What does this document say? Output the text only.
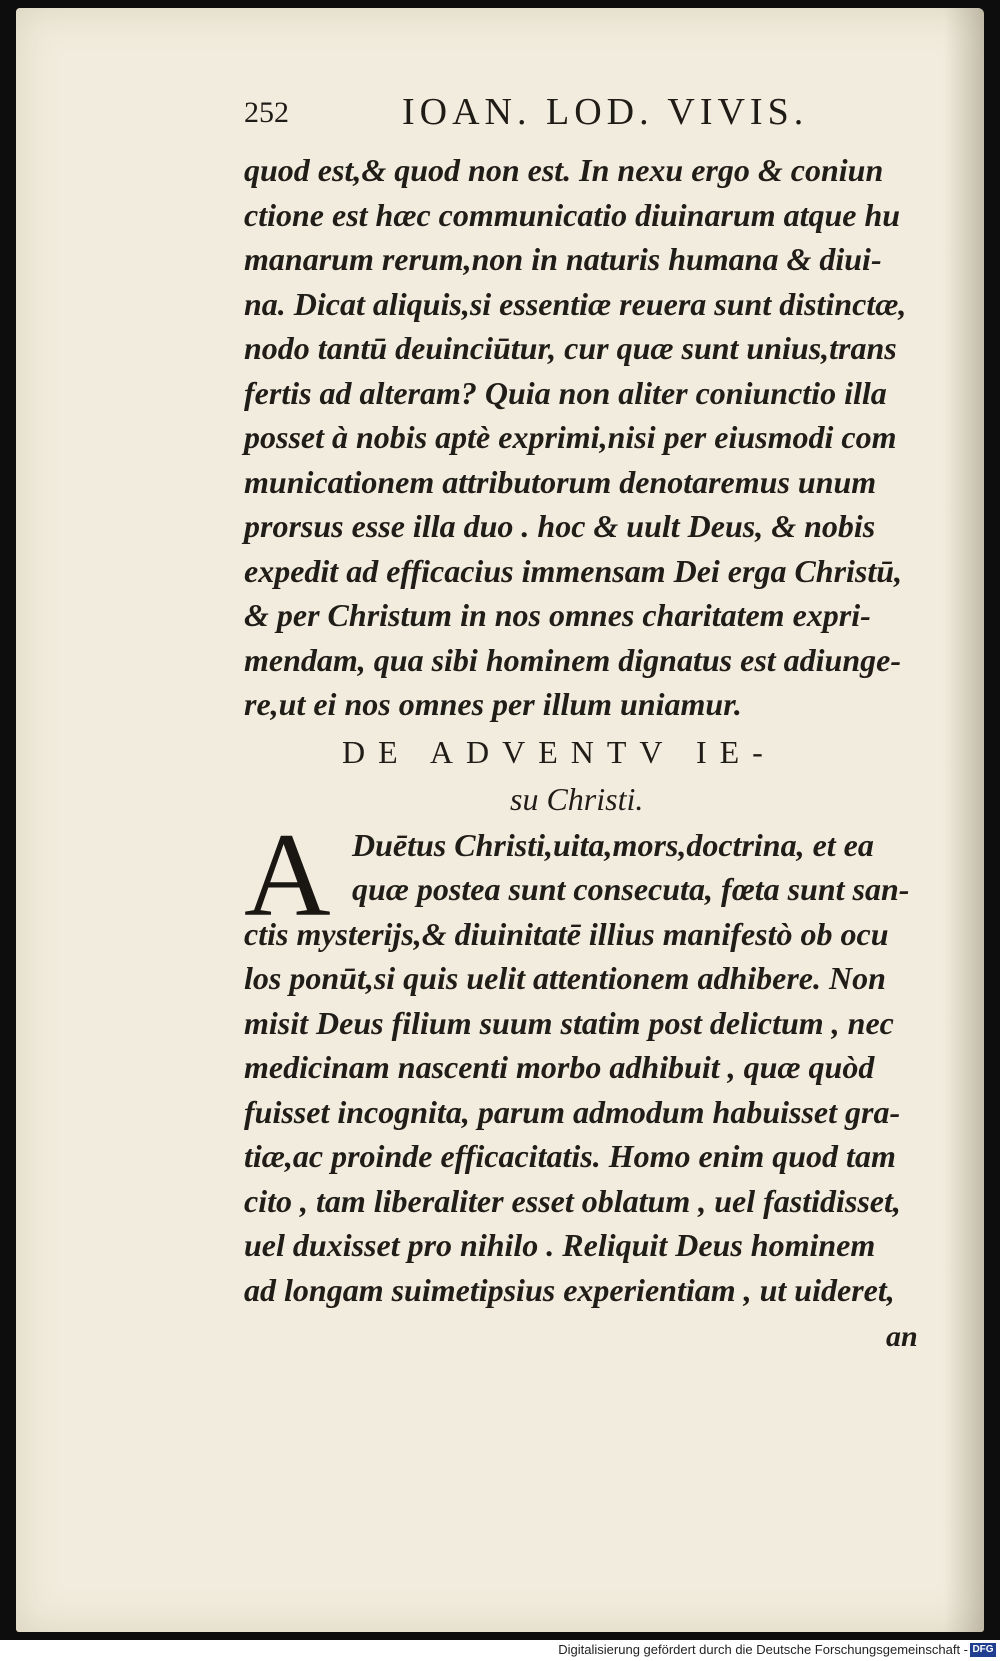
252	IOAN. LOD. VIVIS.
quod est,& quod non est. In nexu ergo & coniun
ctione est hæc communicatio diuinarum atque hu
manarum rerum,non in naturis humana & diui-
na. Dicat aliquis,si essentiæ reuera sunt distinctæ,
nodo tantū deuinciūtur, cur quæ sunt unius,trans
fertis ad alteram? Quia non aliter coniunctio illa
posset à nobis aptè exprimi,nisi per eiusmodi com
municationem attributorum denotaremus unum
prorsus esse illa duo . hoc & uult Deus, & nobis
expedit ad efficacius immensam Dei erga Christū,
& per Christum in nos omnes charitatem expri-
mendam, qua sibi hominem dignatus est adiunge-
re,ut ei nos omnes per illum uniamur.
DE ADVENTV IE-
su Christi.
A Duētus Christi,uita,mors,doctrina, et ea
quæ postea sunt consecuta, fœta sunt san-
ctis mysterijs,& diuinitatē illius manifestò ob ocu
los ponūt,si quis uelit attentionem adhibere. Non
misit Deus filium suum statim post delictum , nec
medicinam nascenti morbo adhibuit , quæ quòd
fuisset incognita, parum admodum habuisset gra-
tiæ,ac proinde efficacitatis. Homo enim quod tam
cito , tam liberaliter esset oblatum , uel fastidisset,
uel duxisset pro nihilo . Reliquit Deus hominem
ad longam suimetipsius experientiam , ut uideret,
an
Digitalisierung gefördert durch die Deutsche Forschungsgemeinschaft - DFG
